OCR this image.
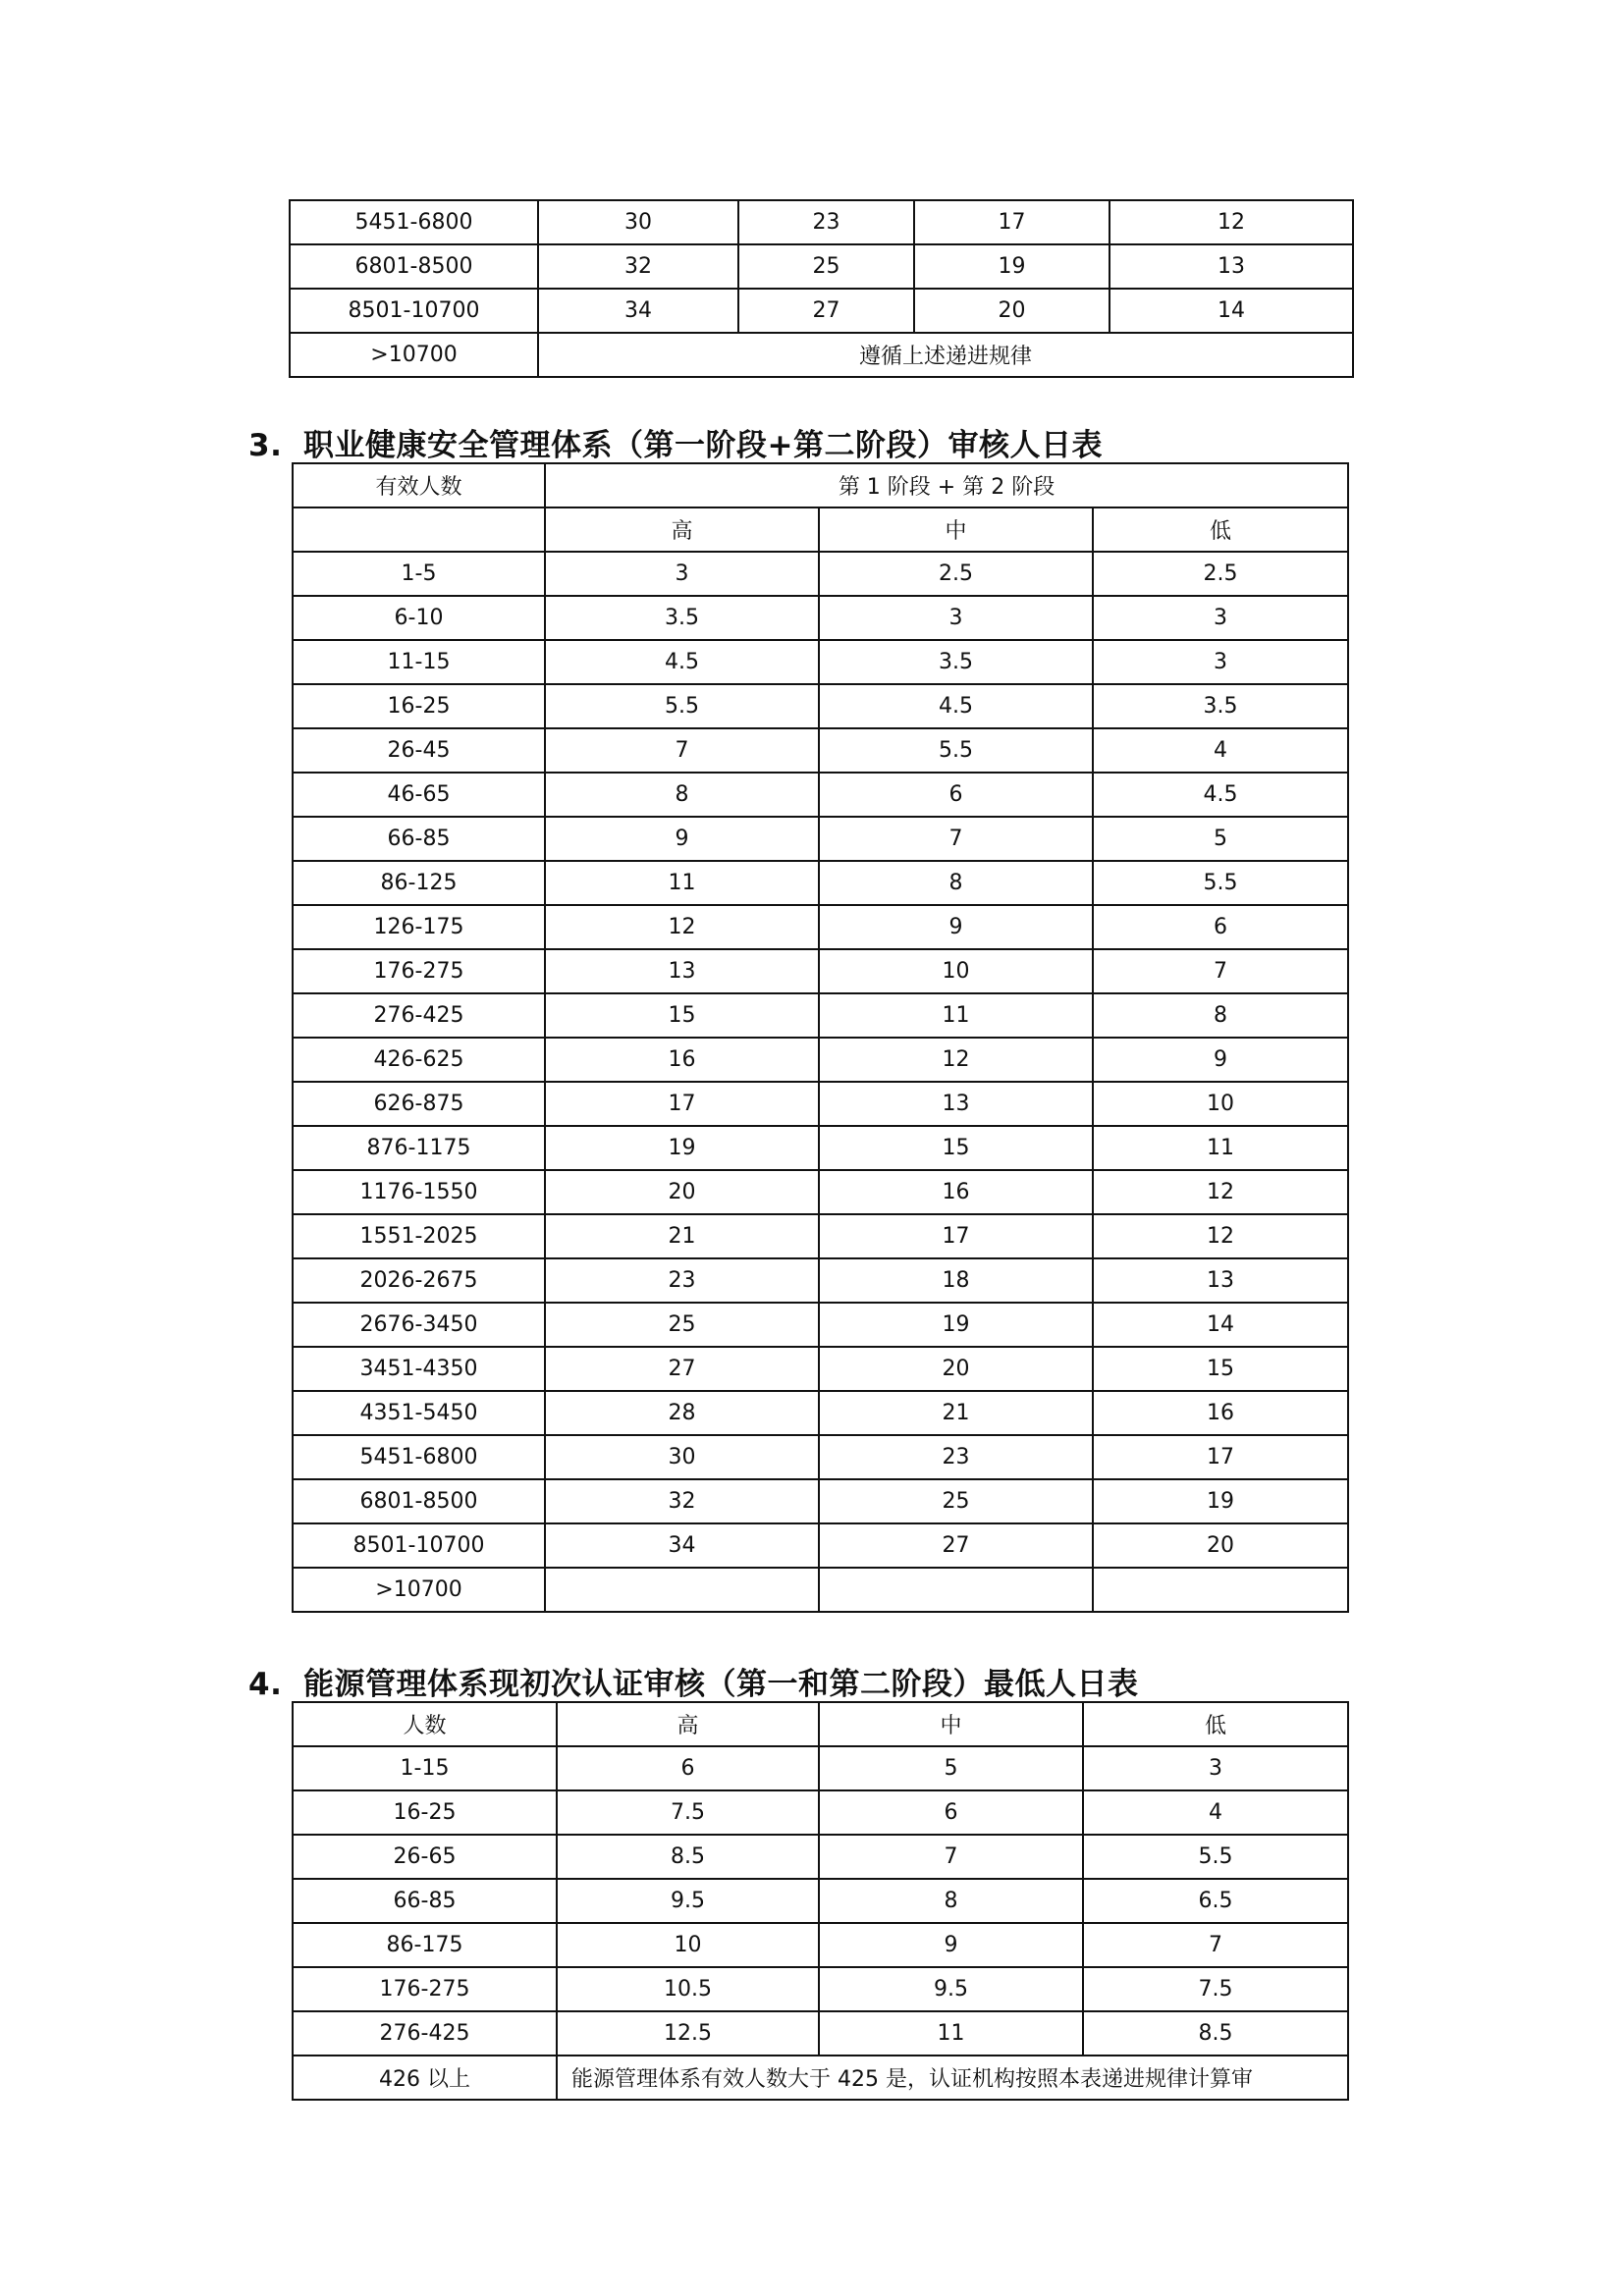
5451-6800	30	23	17	12
6801-8500	32	25	19	13
8501-10700	34	27	20	14
>10700	遵循上述递进规律			
3. 职业健康安全管理体系（第一阶段+第二阶段）审核人日表
有效人数	第 1 阶段 + 第 2 阶段		
	高	中	低
1-5	3	2.5	2.5
6-10	3.5	3	3
11-15	4.5	3.5	3
16-25	5.5	4.5	3.5
26-45	7	5.5	4
46-65	8	6	4.5
66-85	9	7	5
86-125	11	8	5.5
126-175	12	9	6
176-275	13	10	7
276-425	15	11	8
426-625	16	12	9
626-875	17	13	10
876-1175	19	15	11
1176-1550	20	16	12
1551-2025	21	17	12
2026-2675	23	18	13
2676-3450	25	19	14
3451-4350	27	20	15
4351-5450	28	21	16
5451-6800	30	23	17
6801-8500	32	25	19
8501-10700	34	27	20
>10700			
4. 能源管理体系现初次认证审核（第一和第二阶段）最低人日表
人数	高	中	低
1-15	6	5	3
16-25	7.5	6	4
26-65	8.5	7	5.5
66-85	9.5	8	6.5
86-175	10	9	7
176-275	10.5	9.5	7.5
276-425	12.5	11	8.5
426 以上	能源管理体系有效人数大于 425 是，认证机构按照本表递进规律计算审		
